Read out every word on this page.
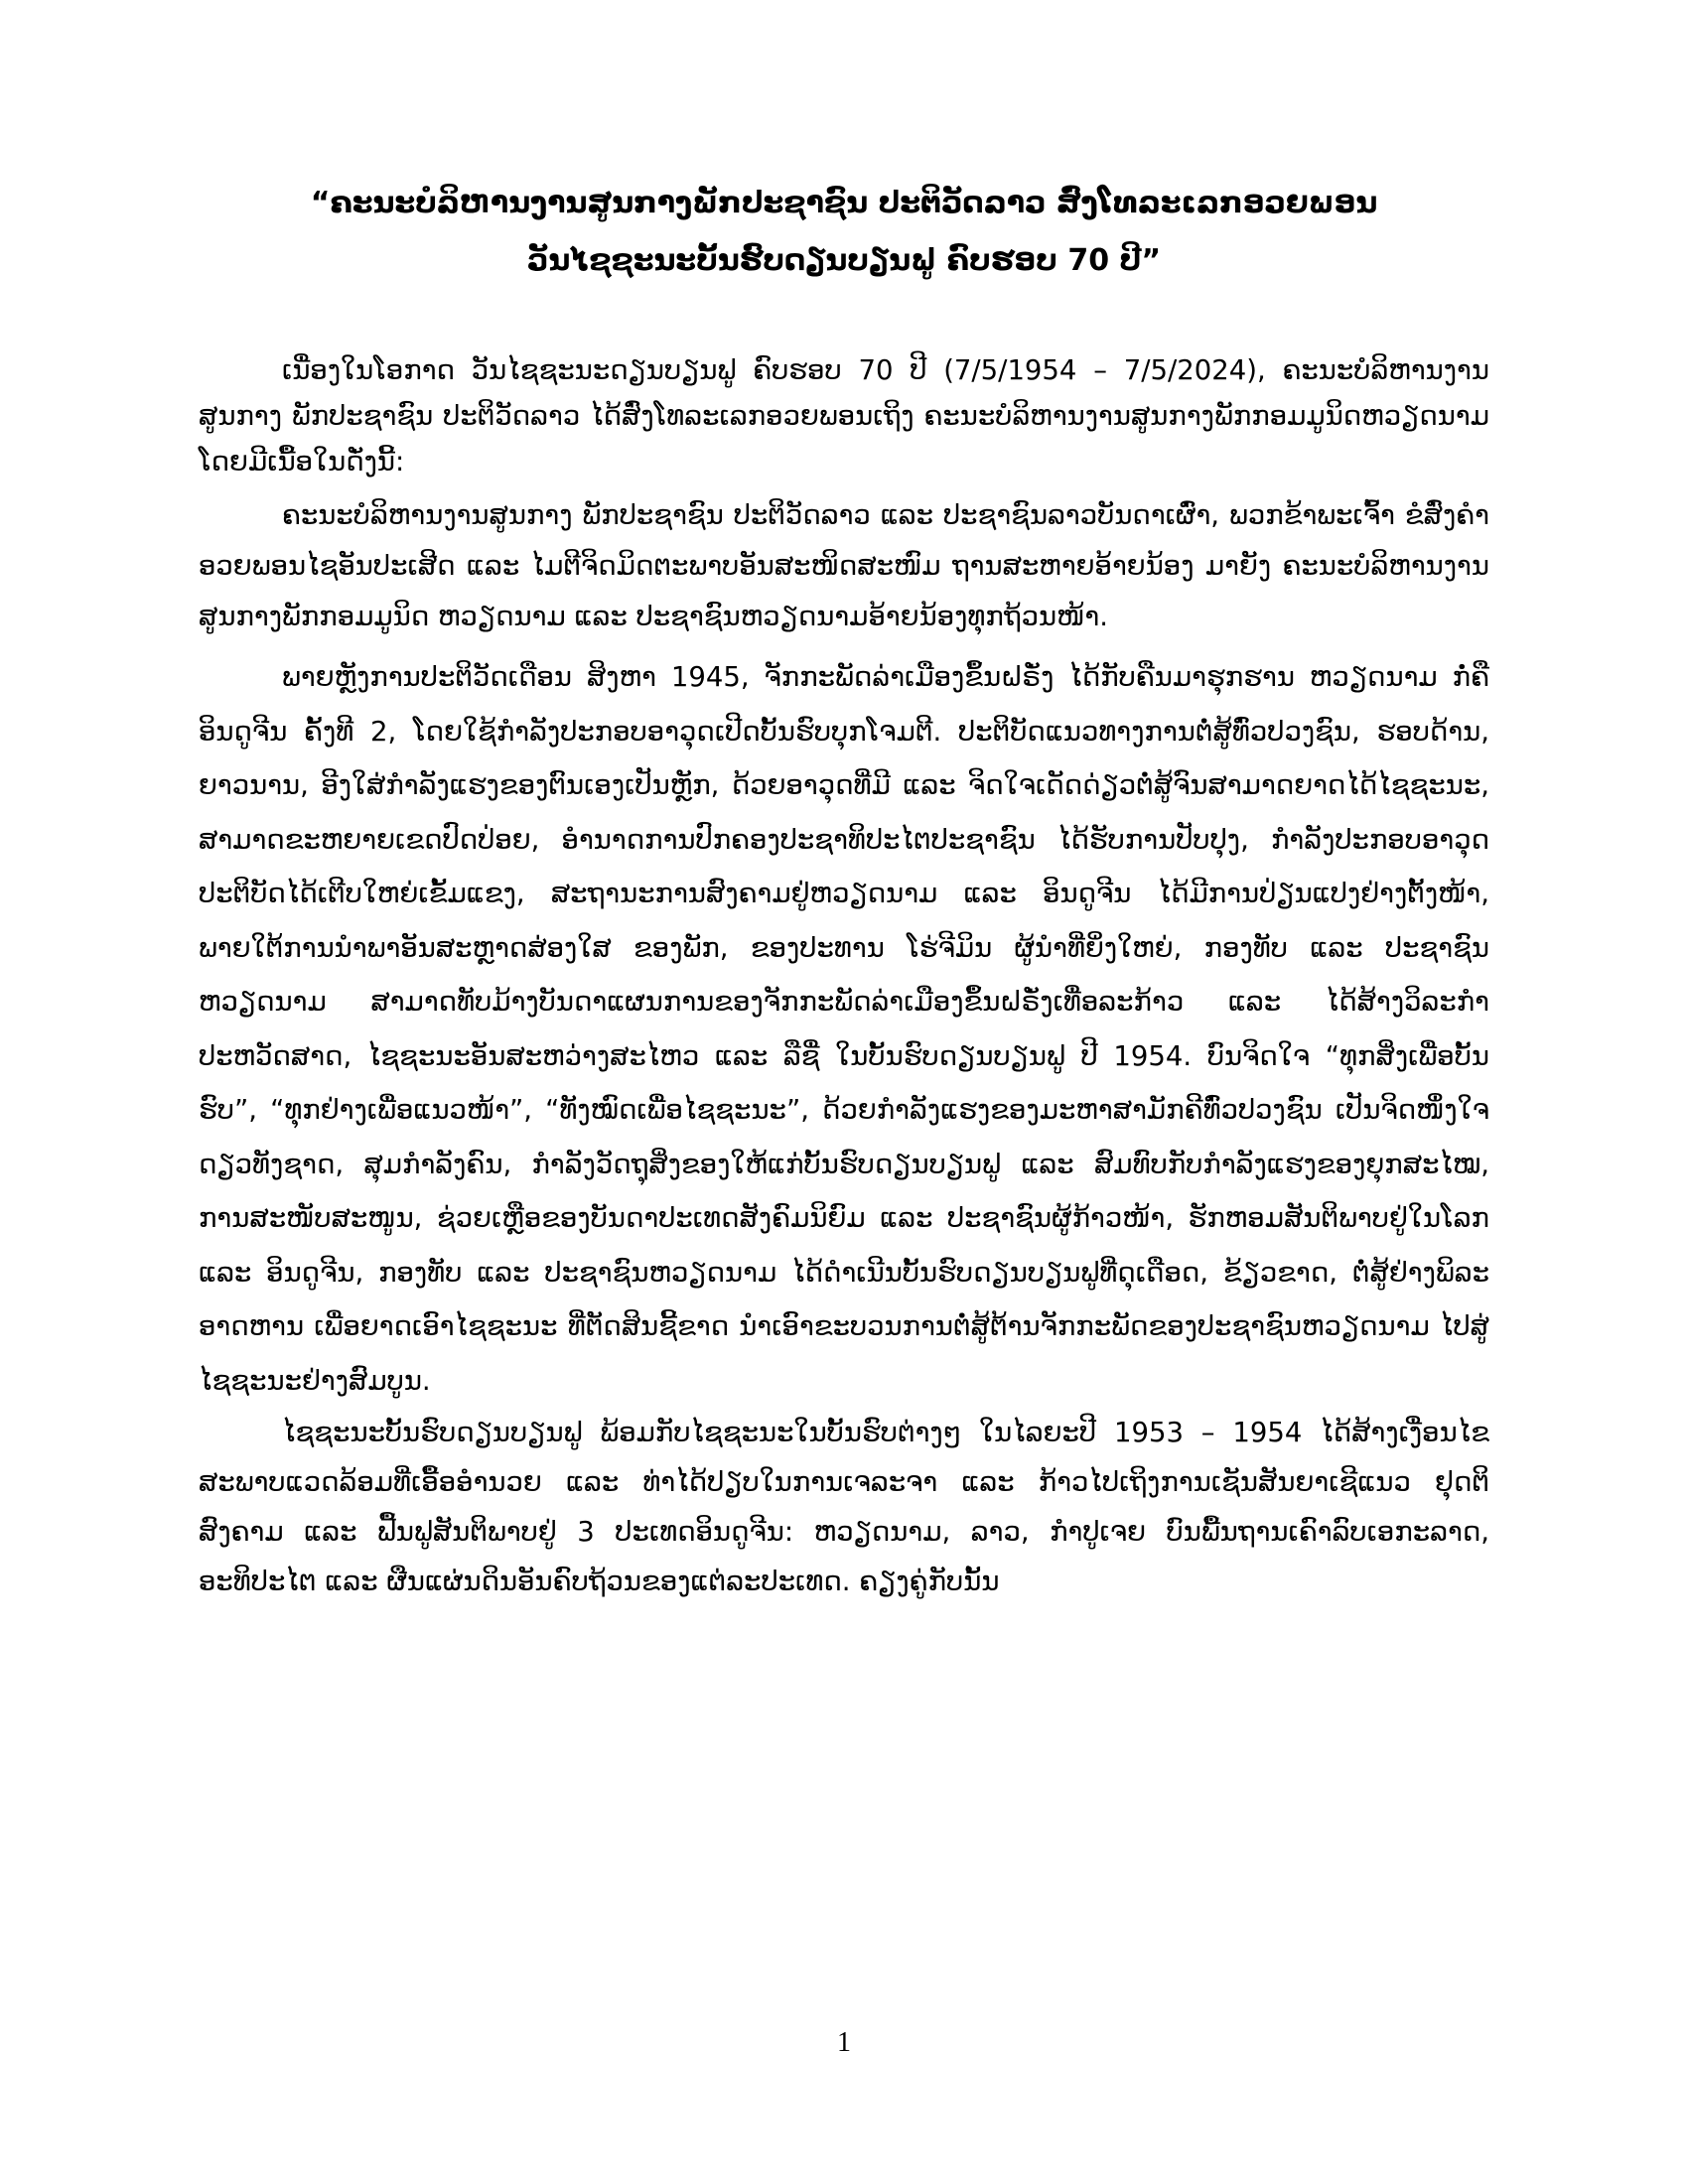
“ຄະນະບໍລິຫານງານສູນກາງພັກປະຊາຊົນ ປະຕິວັດລາວ ສົ່ງໂທລະເລກອວຍພອນ
ວັນໄຊຊະນະບັ້ນຮົບດຽນບຽນຟູ ຄົບຮອບ 70 ປີ”

ເນື່ອງໃນໂອກາດ ວັນໄຊຊະນະດຽນບຽນຟູ ຄົບຮອບ 70 ປີ (7/5/1954 – 7/5/2024), ຄະນະບໍລິຫານງານສູນກາງ ພັກປະຊາຊົນ ປະຕິວັດລາວ ໄດ້ສົ່ງໂທລະເລກອວຍພອນເຖິງ ຄະນະບໍລິຫານງານສູນກາງພັກກອມມູນິດຫວຽດນາມ ໂດຍມີເນື້ອໃນດັ່ງນີ້:

ຄະນະບໍລິຫານງານສູນກາງ ພັກປະຊາຊົນ ປະຕິວັດລາວ ແລະ ປະຊາຊົນລາວບັນດາເຜົ່າ, ພວກຂ້າພະເຈົ້າ ຂໍສົ່ງຄໍາອວຍພອນໄຊອັນປະເສີດ ແລະ ໄມຕີຈິດມິດຕະພາບອັນສະໜິດສະໜົມ ຖານສະຫາຍອ້າຍນ້ອງ ມາຍັງ ຄະນະບໍລິຫານງານສູນກາງພັກກອມມູນິດ ຫວຽດນາມ ແລະ ປະຊາຊົນຫວຽດນາມອ້າຍນ້ອງທຸກຖ້ວນໜ້າ.

ພາຍຫຼັງການປະຕິວັດເດືອນ ສິງຫາ 1945, ຈັກກະພັດລ່າເມືອງຂຶ້ນຝຣັ່ງ ໄດ້ກັບຄືນມາຮຸກຮານ ຫວຽດນາມ ກໍ່ຄື ອິນດູຈີນ ຄັ້ງທີ 2, ໂດຍໃຊ້ກໍາລັງປະກອບອາວຸດເປີດບັ້ນຮົບບຸກໂຈມຕີ. ປະຕິບັດແນວທາງການຕໍ່ສູ້ທົ່ວປວງຊົນ, ຮອບດ້ານ, ຍາວນານ, ອີງໃສ່ກໍາລັງແຮງຂອງຕົນເອງເປັນຫຼັກ, ດ້ວຍອາວຸດທີ່ມີ ແລະ ຈິດໃຈເດັດດ່ຽວຕໍ່ສູ້ຈົນສາມາດຍາດໄດ້ໄຊຊະນະ, ສາມາດຂະຫຍາຍເຂດປົດປ່ອຍ, ອໍານາດການປົກຄອງປະຊາທິປະໄຕປະຊາຊົນ ໄດ້ຮັບການປັບປຸງ, ກໍາລັງປະກອບອາວຸດປະຕິບັດໄດ້ເຕີບໃຫຍ່ເຂັ້ມແຂງ, ສະຖານະການສົງຄາມຢູ່ຫວຽດນາມ ແລະ ອິນດູຈີນ ໄດ້ມີການປ່ຽນແປງຢ່າງຕັ້ງໜ້າ, ພາຍໃຕ້ການນໍາພາອັນສະຫຼາດສ່ອງໃສ ຂອງພັກ, ຂອງປະທານ ໂຮ່ຈີມິນ ຜູ້ນໍາທີ່ຍິ່ງໃຫຍ່, ກອງທັບ ແລະ ປະຊາຊົນຫວຽດນາມ ສາມາດທັບມ້າງບັນດາແຜນການຂອງຈັກກະພັດລ່າເມືອງຂຶ້ນຝຣັ່ງເທື່ອລະກ້າວ ແລະ ໄດ້ສ້າງວິລະກໍາປະຫວັດສາດ, ໄຊຊະນະອັນສະຫວ່າງສະໄຫວ ແລະ ລືຊື່ ໃນບັ້ນຮົບດຽນບຽນຟູ ປີ 1954. ບົນຈິດໃຈ “ທຸກສິ່ງເພື່ອບັ້ນຮົບ”, “ທຸກຢ່າງເພື່ອແນວໜ້າ”, “ທັງໝົດເພື່ອໄຊຊະນະ”, ດ້ວຍກໍາລັງແຮງຂອງມະຫາສາມັກຄີທົ່ວປວງຊົນ ເປັນຈິດໜຶ່ງໃຈດຽວທັງຊາດ, ສຸມກໍາລັງຄົນ, ກໍາລັງວັດຖຸສິ່ງຂອງໃຫ້ແກ່ບັ້ນຮົບດຽນບຽນຟູ ແລະ ສົມທົບກັບກໍາລັງແຮງຂອງຍຸກສະໄໝ, ການສະໜັບສະໜູນ, ຊ່ວຍເຫຼືອຂອງບັນດາປະເທດສັງຄົມນິຍົມ ແລະ ປະຊາຊົນຜູ້ກ້າວໜ້າ, ຮັກຫອມສັນຕິພາບຢູ່ໃນໂລກ ແລະ ອິນດູຈີນ, ກອງທັບ ແລະ ປະຊາຊົນຫວຽດນາມ ໄດ້ດໍາເນີນບັ້ນຮົບດຽນບຽນຟູທີ່ດຸເດືອດ, ຂ້ຽວຂາດ, ຕໍ່ສູ້ຢ່າງພິລະອາດຫານ ເພື່ອຍາດເອົາໄຊຊະນະ ທີ່ຕັດສິນຊີ້ຂາດ ນໍາເອົາຂະບວນການຕໍ່ສູ້ຕ້ານຈັກກະພັດຂອງປະຊາຊົນຫວຽດນາມ ໄປສູ່ໄຊຊະນະຢ່າງສົມບູນ.

ໄຊຊະນະບັ້ນຮົບດຽນບຽນຟູ ພ້ອມກັບໄຊຊະນະໃນບັ້ນຮົບຕ່າງໆ ໃນໄລຍະປີ 1953 – 1954 ໄດ້ສ້າງເງື່ອນໄຂສະພາບແວດລ້ອມທີ່ເອື້ອອໍານວຍ ແລະ ທ່າໄດ້ປຽບໃນການເຈລະຈາ ແລະ ກ້າວໄປເຖິງການເຊັນສັນຍາເຊີແນວ ຢຸດຕິສົງຄາມ ແລະ ຟື້ນຟູສັນຕິພາບຢູ່ 3 ປະເທດອິນດູຈີນ: ຫວຽດນາມ, ລາວ, ກໍາປູເຈຍ ບົນພື້ນຖານເຄົາລົບເອກະລາດ, ອະທິປະໄຕ ແລະ ຜືນແຜ່ນດິນອັນຄົບຖ້ວນຂອງແຕ່ລະປະເທດ. ຄຽງຄູ່ກັບນັ້ນ

1
